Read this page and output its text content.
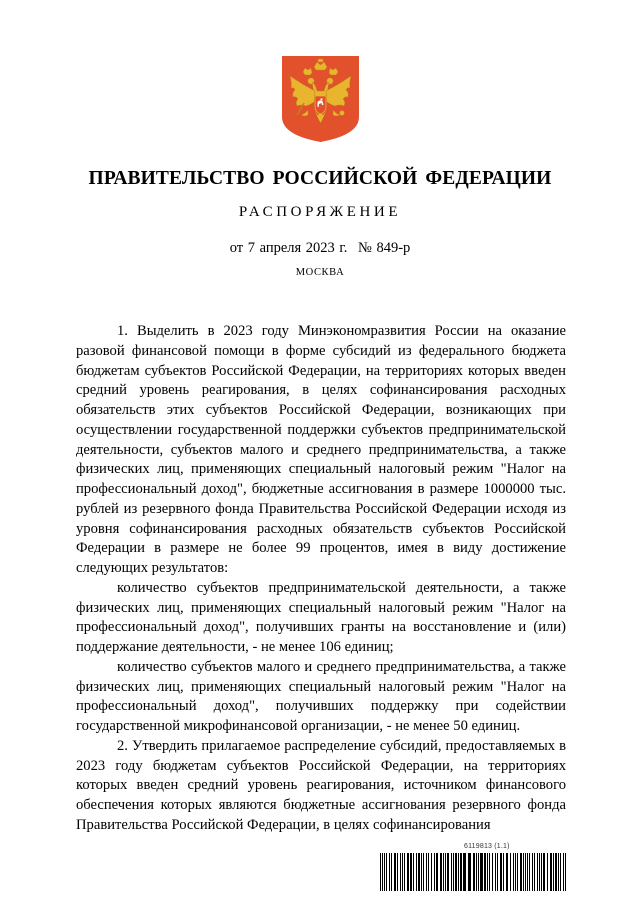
ПРАВИТЕЛЬСТВО РОССИЙСКОЙ ФЕДЕРАЦИИ
РАСПОРЯЖЕНИЕ
от 7 апреля 2023 г. № 849-р
МОСКВА

1. Выделить в 2023 году Минэкономразвития России на оказание разовой финансовой помощи в форме субсидий из федерального бюджета бюджетам субъектов Российской Федерации, на территориях которых введен средний уровень реагирования, в целях софинансирования расходных обязательств этих субъектов Российской Федерации, возникающих при осуществлении государственной поддержки субъектов предпринимательской деятельности, субъектов малого и среднего предпринимательства, а также физических лиц, применяющих специальный налоговый режим "Налог на профессиональный доход", бюджетные ассигнования в размере 1000000 тыс. рублей из резервного фонда Правительства Российской Федерации исходя из уровня софинансирования расходных обязательств субъектов Российской Федерации в размере не более 99 процентов, имея в виду достижение следующих результатов:

количество субъектов предпринимательской деятельности, а также физических лиц, применяющих специальный налоговый режим "Налог на профессиональный доход", получивших гранты на восстановление и (или) поддержание деятельности, - не менее 106 единиц;

количество субъектов малого и среднего предпринимательства, а также физических лиц, применяющих специальный налоговый режим "Налог на профессиональный доход", получивших поддержку при содействии государственной микрофинансовой организации, - не менее 50 единиц.

2. Утвердить прилагаемое распределение субсидий, предоставляемых в 2023 году бюджетам субъектов Российской Федерации, на территориях которых введен средний уровень реагирования, источником финансового обеспечения которых являются бюджетные ассигнования резервного фонда Правительства Российской Федерации, в целях софинансирования

6119813 (1.1)
